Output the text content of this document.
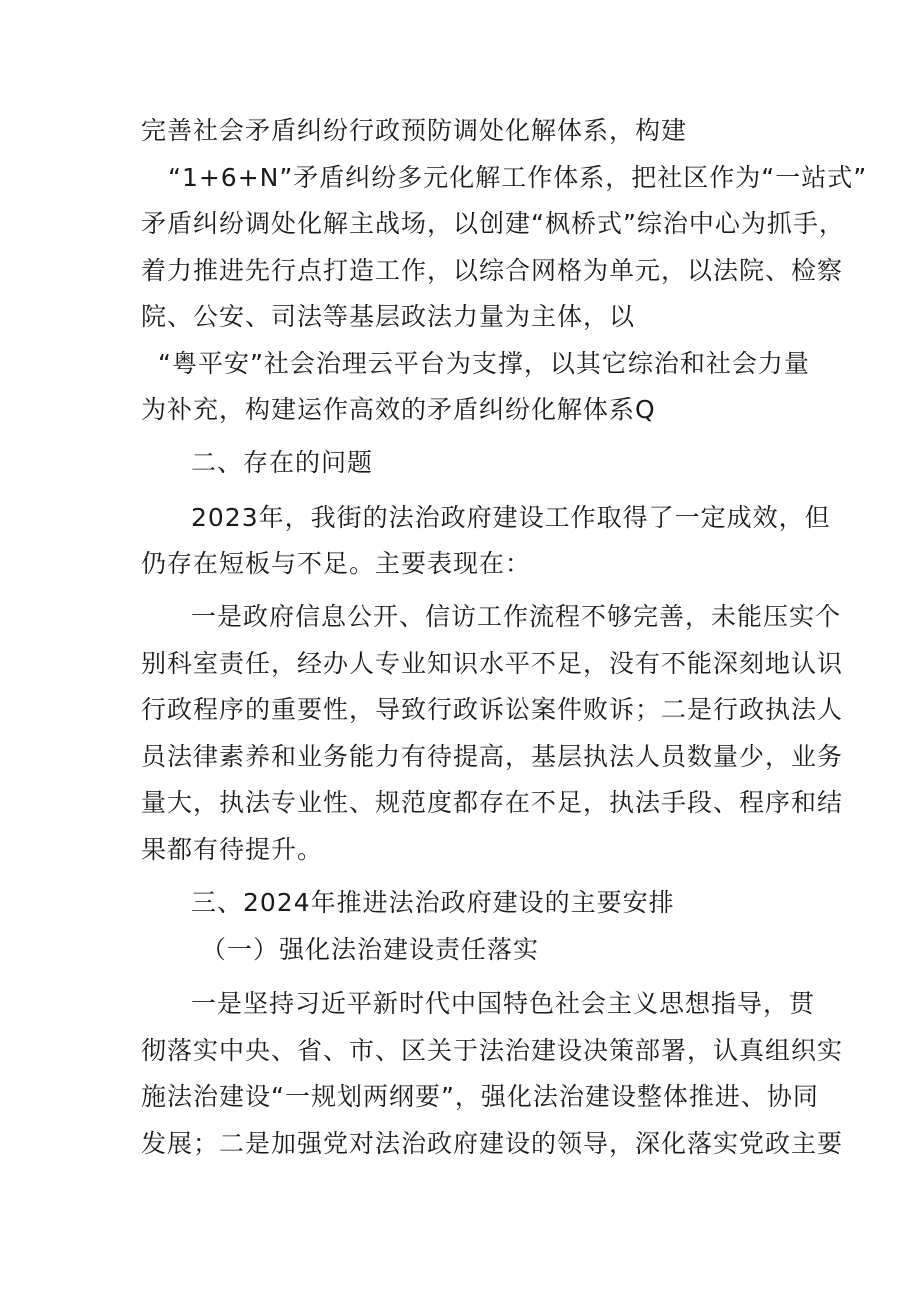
完善社会矛盾纠纷行政预防调处化解体系，构建
“1+6+N”矛盾纠纷多元化解工作体系，把社区作为“一站式”
矛盾纠纷调处化解主战场，以创建“枫桥式”综治中心为抓手，
着力推进先行点打造工作，以综合网格为单元，以法院、检察
院、公安、司法等基层政法力量为主体，以
“粤平安”社会治理云平台为支撑，以其它综治和社会力量
为补充，构建运作高效的矛盾纠纷化解体系Q
二、存在的问题
2023年，我街的法治政府建设工作取得了一定成效，但
仍存在短板与不足。主要表现在：
一是政府信息公开、信访工作流程不够完善，未能压实个
别科室责任，经办人专业知识水平不足，没有不能深刻地认识
行政程序的重要性，导致行政诉讼案件败诉；二是行政执法人
员法律素养和业务能力有待提高，基层执法人员数量少，业务
量大，执法专业性、规范度都存在不足，执法手段、程序和结
果都有待提升。
三、2024年推进法治政府建设的主要安排
（一）强化法治建设责任落实
一是坚持习近平新时代中国特色社会主义思想指导，贯
彻落实中央、省、市、区关于法治建设决策部署，认真组织实
施法治建设“一规划两纲要”，强化法治建设整体推进、协同
发展；二是加强党对法治政府建设的领导，深化落实党政主要
